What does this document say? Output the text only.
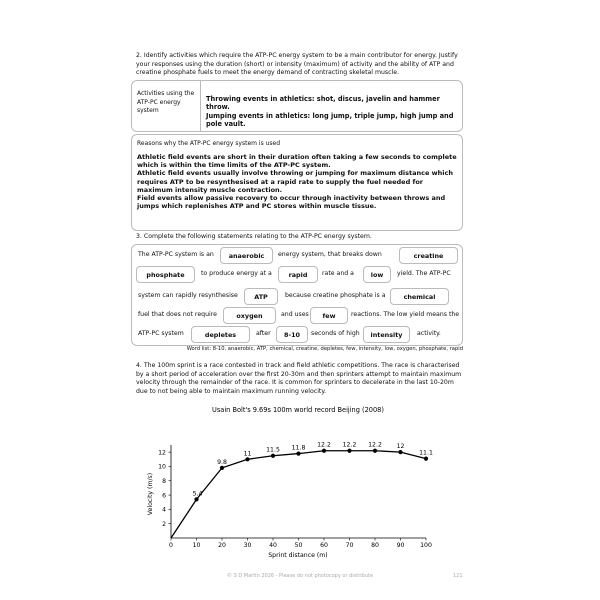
2. Identify activities which require the ATP-PC energy system to be a main contributor for energy. Justify your responses using the duration (short) or intensity (maximum) of activity and the ability of ATP and creatine phosphate fuels to meet the energy demand of contracting skeletal muscle.
Activities using the ATP-PC energy system
Throwing events in athletics: shot, discus, javelin and hammer throw.
Jumping events in athletics: long jump, triple jump, high jump and pole vault.
Reasons why the ATP-PC energy system is used
Athletic field events are short in their duration often taking a few seconds to complete which is within the time limits of the ATP-PC system.
Athletic field events usually involve throwing or jumping for maximum distance which requires ATP to be resynthesised at a rapid rate to supply the fuel needed for maximum intensity muscle contraction.
Field events allow passive recovery to occur through inactivity between throws and jumps which replenishes ATP and PC stores within muscle tissue.
3. Complete the following statements relating to the ATP-PC energy system.
The ATP-PC system is an	anaerobic	energy system, that breaks down	creatine
phosphate	to produce energy at a	rapid	rate and a	low	yield. The ATP-PC
system can rapidly resynthesise	ATP	because creatine phosphate is a	chemical
fuel that does not require	oxygen	and uses	few	reactions. The low yield means the
ATP-PC system	depletes	after	8-10	seconds of high	intensity	activity.
Word list: 8-10, anaerobic, ATP, chemical, creatine, depletes, few, intensity, low, oxygen, phosphate, rapid
4. The 100m sprint is a race contested in track and field athletic competitions. The race is characterised by a short period of acceleration over the first 20-30m and then sprinters attempt to maintain maximum velocity through the remainder of the race. It is common for sprinters to decelerate in the last 10-20m due to not being able to maintain maximum running velocity.
Usain Bolt's 9.69s 100m world record Beijing (2008)
Velocity (m/s)
Sprint distance (m)
0	10	20	30	40	50	60	70	80	90	100
2
4
6
8
10
12
5.4
9.8
11
11.5 11.8 12.2 12.2 12.2 12
11.1
© S D Martin 2026 - Please do not photocopy or distribute	121
